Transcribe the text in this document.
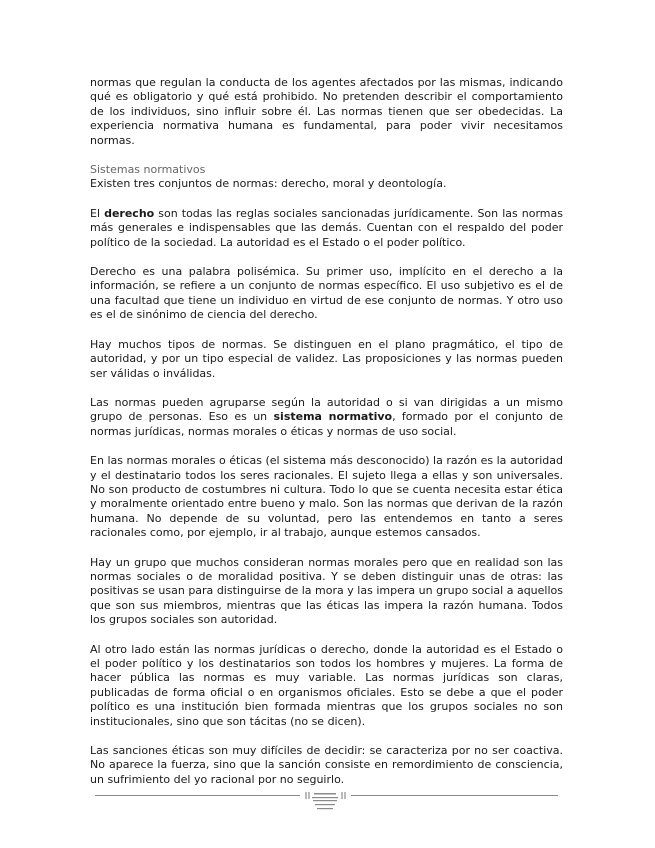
normas que regulan la conducta de los agentes afectados por las mismas, indicando qué es obligatorio y qué está prohibido. No pretenden describir el comportamiento de los individuos, sino influir sobre él. Las normas tienen que ser obedecidas. La experiencia normativa humana es fundamental, para poder vivir necesitamos normas.

Sistemas normativos

Existen tres conjuntos de normas: derecho, moral y deontología.

El derecho son todas las reglas sociales sancionadas jurídicamente. Son las normas más generales e indispensables que las demás. Cuentan con el respaldo del poder político de la sociedad. La autoridad es el Estado o el poder político.

Derecho es una palabra polisémica. Su primer uso, implícito en el derecho a la información, se refiere a un conjunto de normas específico. El uso subjetivo es el de una facultad que tiene un individuo en virtud de ese conjunto de normas. Y otro uso es el de sinónimo de ciencia del derecho.

Hay muchos tipos de normas. Se distinguen en el plano pragmático, el tipo de autoridad, y por un tipo especial de validez. Las proposiciones y las normas pueden ser válidas o inválidas.

Las normas pueden agruparse según la autoridad o si van dirigidas a un mismo grupo de personas. Eso es un sistema normativo, formado por el conjunto de normas jurídicas, normas morales o éticas y normas de uso social.

En las normas morales o éticas (el sistema más desconocido) la razón es la autoridad y el destinatario todos los seres racionales. El sujeto llega a ellas y son universales. No son producto de costumbres ni cultura. Todo lo que se cuenta necesita estar ética y moralmente orientado entre bueno y malo. Son las normas que derivan de la razón humana. No depende de su voluntad, pero las entendemos en tanto a seres racionales como, por ejemplo, ir al trabajo, aunque estemos cansados.

Hay un grupo que muchos consideran normas morales pero que en realidad son las normas sociales o de moralidad positiva. Y se deben distinguir unas de otras: las positivas se usan para distinguirse de la mora y las impera un grupo social a aquellos que son sus miembros, mientras que las éticas las impera la razón humana. Todos los grupos sociales son autoridad.

Al otro lado están las normas jurídicas o derecho, donde la autoridad es el Estado o el poder político y los destinatarios son todos los hombres y mujeres. La forma de hacer pública las normas es muy variable. Las normas jurídicas son claras, publicadas de forma oficial o en organismos oficiales. Esto se debe a que el poder político es una institución bien formada mientras que los grupos sociales no son institucionales, sino que son tácitas (no se dicen).

Las sanciones éticas son muy difíciles de decidir: se caracteriza por no ser coactiva. No aparece la fuerza, sino que la sanción consiste en remordimiento de consciencia, un sufrimiento del yo racional por no seguirlo.
